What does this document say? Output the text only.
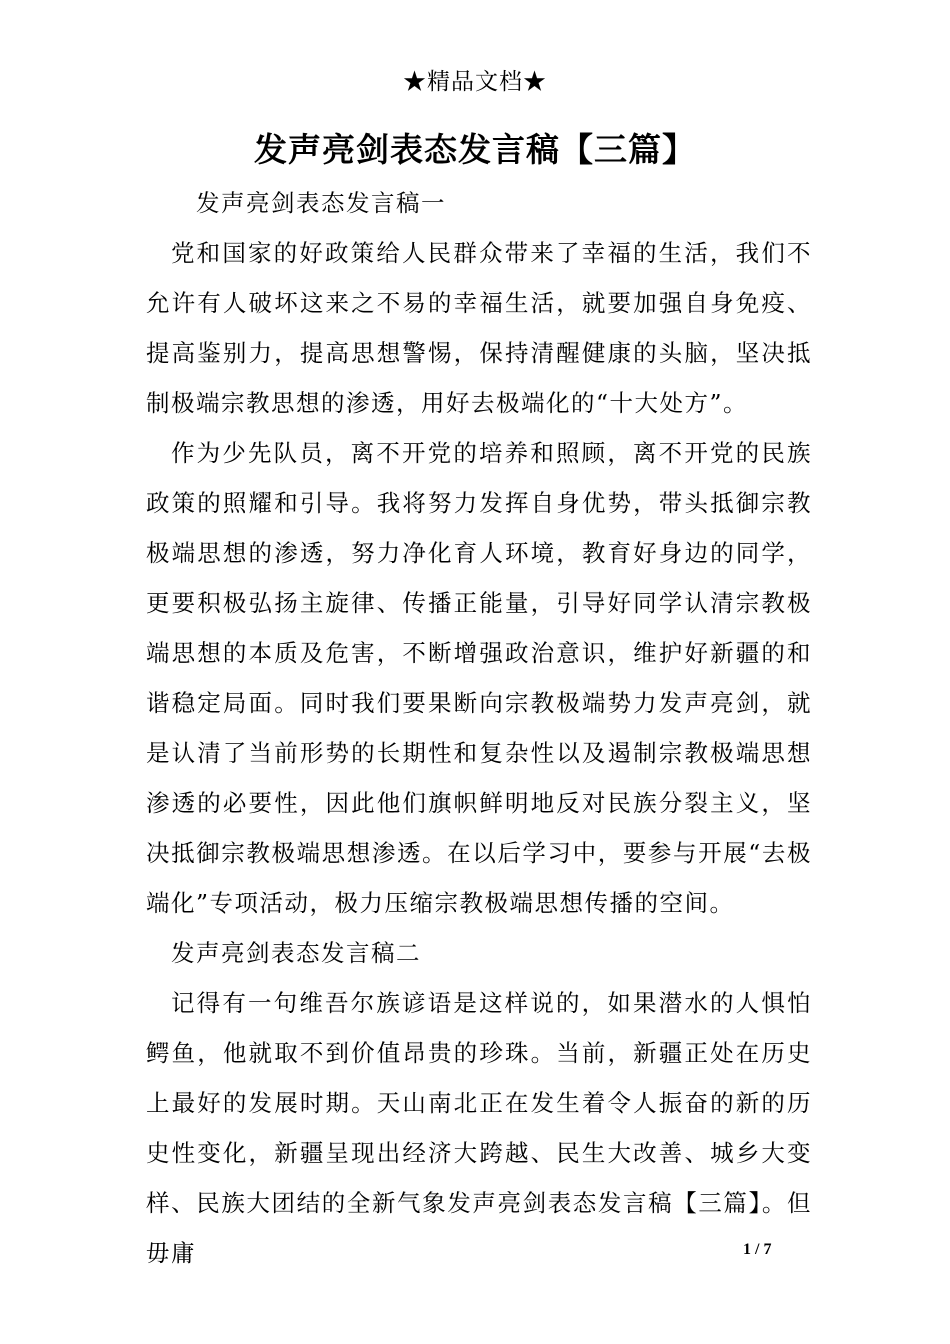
★精品文档★
发声亮剑表态发言稿【三篇】

发声亮剑表态发言稿一

党和国家的好政策给人民群众带来了幸福的生活，我们不允许有人破坏这来之不易的幸福生活，就要加强自身免疫、提高鉴别力，提高思想警惕，保持清醒健康的头脑，坚决抵制极端宗教思想的渗透，用好去极端化的“十大处方”。

作为少先队员，离不开党的培养和照顾，离不开党的民族政策的照耀和引导。我将努力发挥自身优势，带头抵御宗教极端思想的渗透，努力净化育人环境，教育好身边的同学，更要积极弘扬主旋律、传播正能量，引导好同学认清宗教极端思想的本质及危害，不断增强政治意识，维护好新疆的和谐稳定局面。同时我们要果断向宗教极端势力发声亮剑，就是认清了当前形势的长期性和复杂性以及遏制宗教极端思想渗透的必要性，因此他们旗帜鲜明地反对民族分裂主义，坚决抵御宗教极端思想渗透。在以后学习中，要参与开展“去极端化”专项活动，极力压缩宗教极端思想传播的空间。

发声亮剑表态发言稿二

记得有一句维吾尔族谚语是这样说的，如果潜水的人惧怕鳄鱼，他就取不到价值昂贵的珍珠。当前，新疆正处在历史上最好的发展时期。天山南北正在发生着令人振奋的新的历史性变化，新疆呈现出经济大跨越、民生大改善、城乡大变样、民族大团结的全新气象发声亮剑表态发言稿【三篇】。但毋庸	1 / 7
